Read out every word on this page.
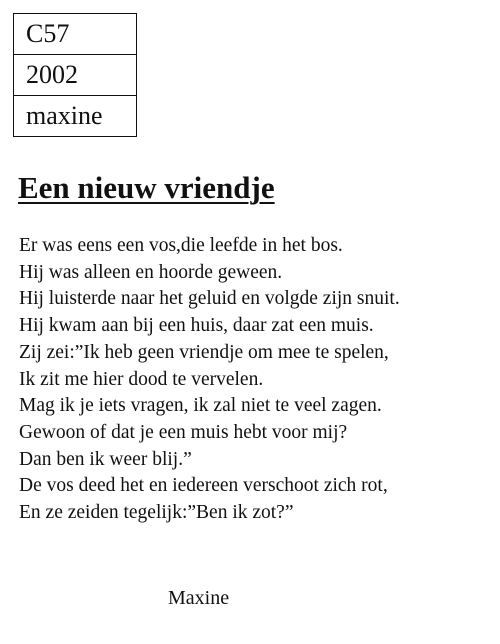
C57
2002
maxine
Een nieuw vriendje
Er was eens een vos,die leefde in het bos.
Hij was alleen en hoorde geween.
Hij luisterde naar het geluid en volgde zijn snuit.
Hij kwam aan bij een huis, daar zat een muis.
Zij zei:”Ik heb geen vriendje om mee te spelen,
Ik zit me hier dood te vervelen.
Mag ik je iets vragen, ik zal niet te veel zagen.
Gewoon of dat je een muis hebt voor mij?
Dan ben ik weer blij.”
De vos deed het en iedereen verschoot zich rot,
En ze zeiden tegelijk:”Ben ik zot?”
Maxine
